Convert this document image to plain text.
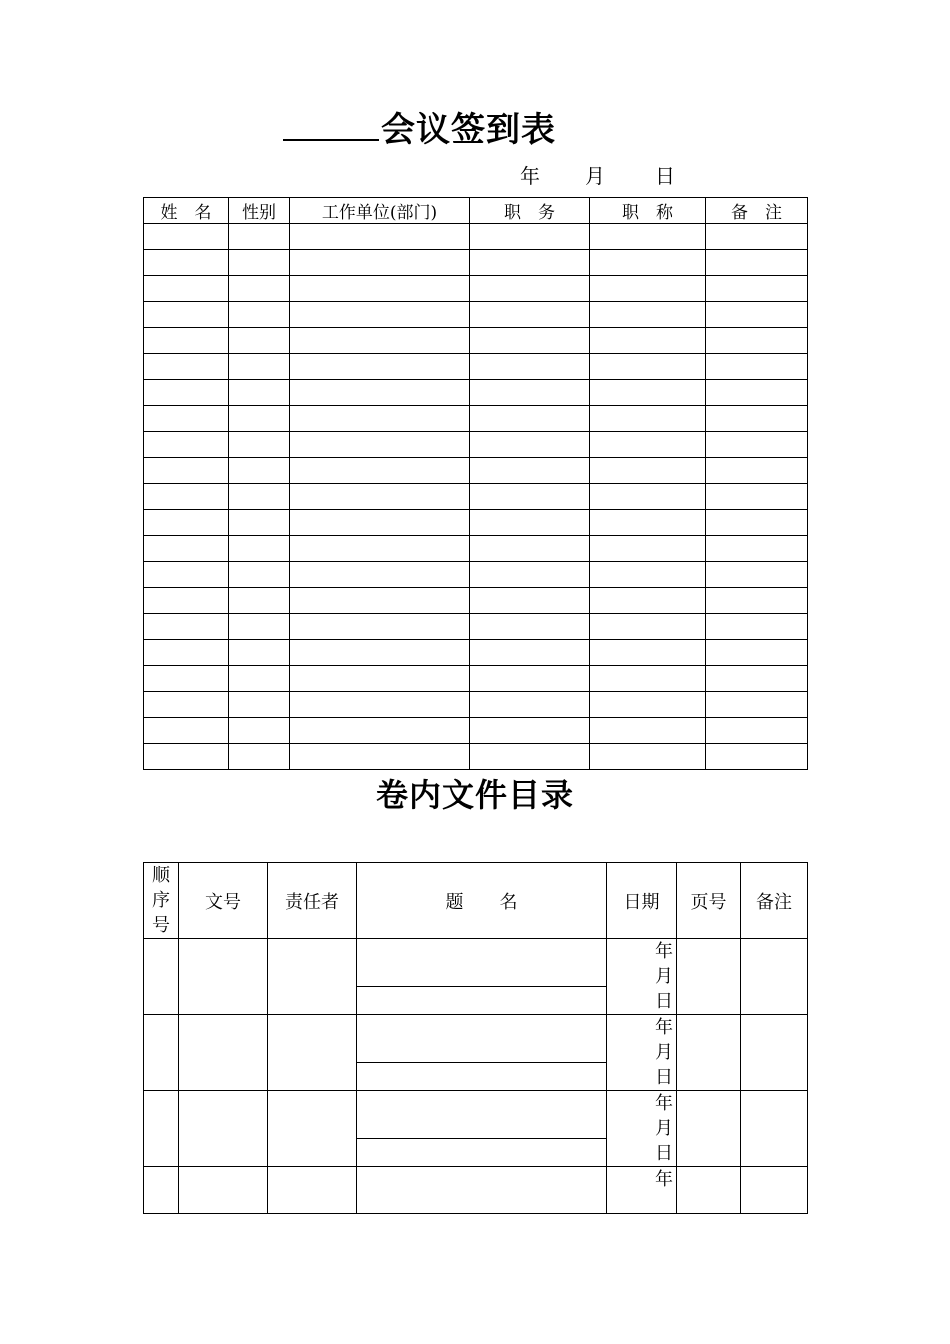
会议签到表
年 月	日
姓　名	性别	工作单位(部门)	职　务	职　称	备　注

卷内文件目录
顺
序
号	文号	责任者	题　　名	日期	页号	备注

				年
月
日		

				年
月
日		

				年
月
日		

				年		
